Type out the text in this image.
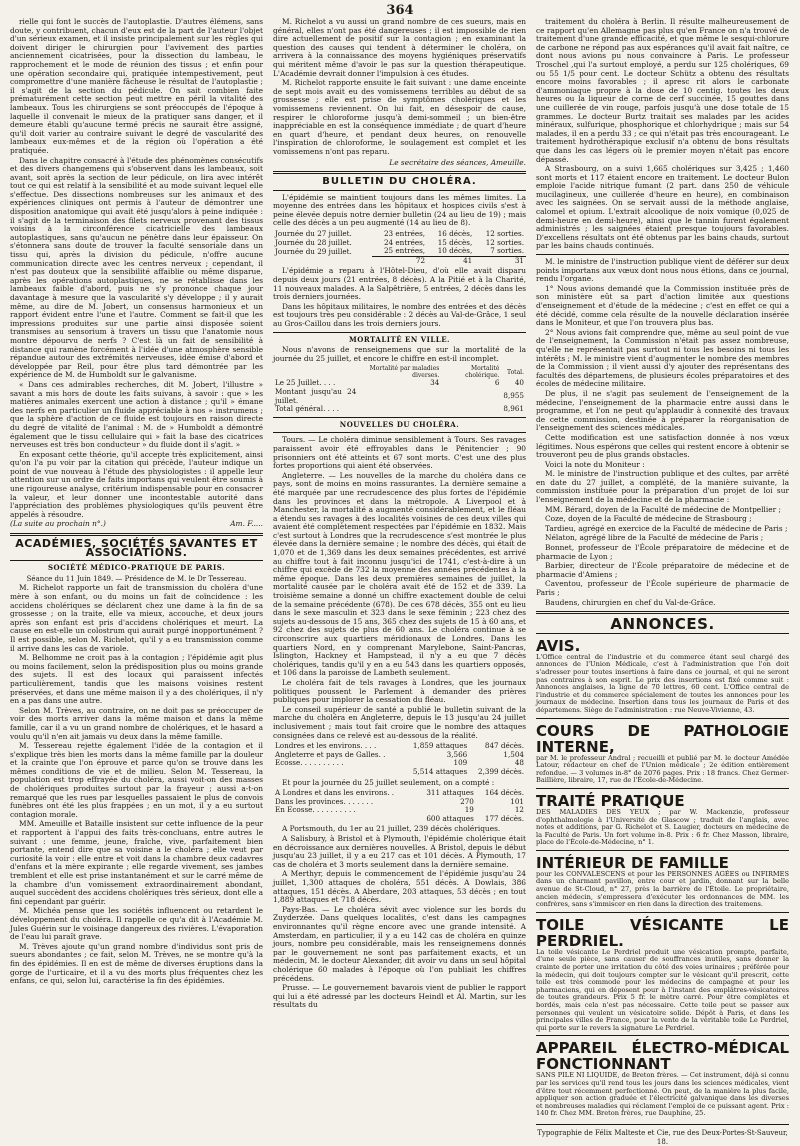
364

rielle qui font le succès de l'autoplastie. D'autres élémens, sans doute, y contribuent, chacun d'eux est de la part de l'auteur l'objet d'un sérieux examen, et il insiste principalement sur les règles qui doivent diriger le chirurgien pour l'avivement des parties anciennement cicatrisées, pour la dissection du lambeau, le rapprochement et le mode de réunion des tissus ; et enfin pour une opération secondaire qui, pratiquée intempestivement, peut compromettre d'une manière fâcheuse le résultat de l'autoplastie ; il s'agit de la section du pédicule. On sait combien faite prématurément cette section peut mettre en péril la vitalité des lambeaux. Tous les chirurgiens se sont préoccupés de l'époque à laquelle il convenait le mieux de la pratiquer sans danger, et il demeure établi qu'aucune termé précis ne saurait être assigné, qu'il doit varier au contraire suivant le degré de vascularité des lambeaux eux-mêmes et de la région où l'opération a été pratiquée.

Dans le chapitre consacré à l'étude des phénomènes consécutifs et des divers changemens qui s'observent dans les lambeaux, soit avant, soit après la section de leur pédicule, on lira avec intérêt tout ce qui est relatif à la sensibilité et au mode suivant lequel elle s'effectue. Des dissections nombreuses sur les animaux et des expériences cliniques ont permis à l'auteur de démontrer une disposition anatomique qui avait été jusqu'alors à peine indiquée : il s'agit de la terminaison des filets nerveux provenant des tissus voisins à la circonférence cicatricielle des lambeaux autoplastiques, sans qu'aucun ne pénètre dans leur épaisseur. On s'étonnera sans doute de trouver la faculté sensoriale dans un tissu qui, après la division du pédicule, n'offre aucune communication directe avec les centres nerveux ; cependant, il n'est pas douteux que la sensibilité affaiblie ou même disparue, après les opérations autoplastiques, ne se rétablisse dans les lambeaux faible d'abord, puis ne s'y prononce chaque jour davantage à mesure que la vascularité s'y développe ; il y aurait même, au dire de M. Jobert, un consensus harmonieux et un rapport évident entre l'une et l'autre. Comment se fait-il que les impressions produites sur une partie ainsi disposée soient transmises au sensorium à travers un tissu que l'anatomie nous montre dépourvu de nerfs ? C'est là un fait de sensibilité à distance qui ramène forcément à l'idée d'une atmosphère sensible répandue autour des extrémités nerveuses, idée émise d'abord et développée par Reil, pour être plus tard démontrée par les expérience de M. de Humboldt sur le galvanisme.

« Dans ces admirables recherches, dit M. Jobert, l'illustre » savant a mis hors de doute les faits suivans, à savoir : que » les matières animales exercent une action à distance ; qu'il » émane des nerfs en particulier un fluide appréciable à nos » instrumens ; que la sphère d'action de ce fluide est toujours en raison directe du degré de vitalité de l'animal : M. de » Humboldt a démontré également que le tissu cellulaire qui » fait la base des cicatrices nerveuses est très bon conducteur » du fluide dont il s'agit. »

En exposant cette théorie, qu'il accepte très explicitement, ainsi qu'on l'a pu voir par la citation qui précède, l'auteur indique un point de vue nouveau à l'étude des physiologistes : il appelle leur attention sur un ordre de faits importans qui veulent être soumis à une rigoureuse analyse, critérium indispensable pour en consacrer la valeur, et leur donner une incontestable autorité dans l'appréciation des problèmes physiologiques qu'ils peuvent être appelés à résoudre.

(La suite au prochain n°.)	Am. F.....
ACADÉMIES, SOCIÉTÉS SAVANTES ET ASSOCIATIONS.
SOCIÉTÉ MÉDICO-PRATIQUE DE PARIS.
Séance du 11 Juin 1849. — Présidence de M. le Dr Tessereau.

M. Richelot rapporte un fait de transmission du choléra d'une mère à son enfant, ou du moins un fait de coïncidence : les accidens cholériques se déclarent chez une dame à la fin de sa grossesse ; on la traite, elle va mieux, accouche, et deux jours après son enfant est pris d'accidens cholériques et meurt. La cause en est-elle un colostrum qui aurait purgé inopportunément ? Il est possible, selon M. Richelot, qu'il y a eu transmission comme il arrive dans les cas de variole.

M. Belhomme ne croit pas à la contagion ; l'épidémie agit plus ou moins facilement, selon la prédisposition plus ou moins grande des sujets. Il est des locaux qui paraissent infectés particulièrement, tandis que les maisons voisines restent préservées, et dans une même maison il y a des cholériques, il n'y en a pas dans une autre.

Selon M. Trèves, au contraire, on ne doit pas se préoccuper de voir des morts arriver dans la même maison et dans la même famille, car il a vu un grand nombre de cholériques, et le hasard a voulu qu'il n'en ait jamais vu deux dans la même famille.

M. Tessereau rejette également l'idée de la contagion et il s'explique très bien les morts dans la même famille par la douleur et la crainte que l'on éprouve et parce qu'on se trouve dans les mêmes conditions de vie et de milieu. Selon M. Tessereau, la population est trop effrayée du choléra, aussi voit-on des masses de cholériques produites surtout par la frayeur ; aussi a-t-on remarqué que les rues par lesquelles passaient le plus de convois funèbres ont été les plus frappées ; en un mot, il y a eu surtout contagion morale.

MM. Ameuille et Bataille insistent sur cette influence de la peur et rapportent à l'appui des faits très-concluans, entre autres le suivant : une femme, jeune, fraîche, vive, parfaitement bien portante, entend dire que sa voisine a le choléra ; elle veut par curiosité la voir : elle entre et voit dans la chambre deux cadavres d'enfans et la mère expirante ; elle regarde vivement, ses jambes tremblent et elle est prise instantanément et sur le carré même de la chambre d'un vomissement extraordinairement abondant, auquel succèdent des accidens cholériques très sérieux, dont elle a fini cependant par guérir.

M. Michéa pense que les sociétés influencent ou retardent le développement du choléra. Il rappelle ce qu'a dit à l'Académie M. Jules Guérin sur le voisinage dangereux des rivières. L'évaporation de l'eau lui paraît grave.

M. Trèves ajoute qu'un grand nombre d'individus sont pris de sueurs abondantes ; ce fait, selon M. Trèves, ne se montre qu'à la fin des épidémies. Il en est de même de diverses éruptions dans la gorge de l'urticaire, et il a vu des morts plus fréquentes chez les enfans, ce qui, selon lui, caractérise la fin des épidémies.

M. Richelot a vu aussi un grand nombre de ces sueurs, mais en général, elles n'ont pas été dangereuses ; il est impossible de rien dire actuellement de positif sur la contagion ; en examinant la question des causes qui tendent à déterminer le choléra, on arrivera à la connaissance des moyens hygiéniques préservatifs qui méritent même d'avoir le pas sur la question thérapeutique. L'Académie devrait donner l'impulsion à ces études.

M. Richelot rapporte ensuite le fait suivant : une dame enceinte de sept mois avait eu des vomissemens terribles au début de sa grossesse ; elle est prise de symptômes cholériques et les vomissemens reviennent. On lui fait, en désespoir de cause, respirer le chloroforme jusqu'à demi-sommeil ; un bien-être inappréciable en est la conséquence immédiate ; de quart d'heure en quart d'heure, et pendant deux heures, on renouvelle l'inspiration de chloroforme, le soulagement est complet et les vomissemens n'ont pas reparu.

Le secrétaire des séances, Ameuille.
BULLETIN DU CHOLÉRA.

L'épidémie se maintient toujours dans les mêmes limites. La moyenne des entrées dans les hôpitaux et hospices civils s'est à peine élevée depuis notre dernier bulletin (24 au lieu de 19) ; mais celle des décès a un peu augmenté (14 au lieu de 8).

Journée du 27 juillet.	23 entrées,	16 décès,	12 sorties.
Journée du 28 juillet.	24 entrées,	15 décès,	12 sorties.
Journée du 29 juillet.	25 entrées,	10 décès,	7 sorties.
	72	41	31

L'épidémie a reparu à l'Hôtel-Dieu, d'où elle avait disparu depuis deux jours (21 entrées, 8 décès). A la Pitié et à la Charité, 11 nouveaux malades. A la Salpêtrière, 5 entrées, 2 décès dans les trois derniers journées.

Dans les hôpitaux militaires, le nombre des entrées et des décès est toujours très peu considérable : 2 décès au Val-de-Grâce, 1 seul au Gros-Caillou dans les trois derniers jours.

MORTALITÉ EN VILLE.

Nous n'avons de renseignemens que sur la mortalité de la journée du 25 juillet, et encore le chiffre en est-il incomplet.

	Mortalité par maladies diverses.	Mortalité cholérique.	Total.
Le 25 Juillet. . . .	34	6	40
Montant jusqu'au 24 juillet.			8,955
Total général. . . .			8,961
NOUVELLES DU CHOLÉRA.

Tours. — Le choléra diminue sensiblement à Tours. Ses ravages paraissent avoir été effroyables dans le Pénitencier ; 90 prisonniers ont été atteints et 67 sont morts. C'est une des plus fortes proportions qui aient été observées.

Angleterre. — Les nouvelles de la marche du choléra dans ce pays, sont de moins en moins rassurantes. La dernière semaine a été marquée par une recrudescence des plus fortes de l'épidémie dans les provinces et dans la métropole. A Liverpool et à Manchester, la mortalité a augmenté considérablement, et le fléau a étendu ses ravages à des localités voisines de ces deux villes qui avaient été complètement respectées par l'épidémie en 1832. Mais c'est surtout à Londres que la recrudescence s'est montrée le plus élevée dans la dernière semaine ; le nombre des décès, qui était de 1,070 et de 1,369 dans les deux semaines précédentes, est arrivé au chiffre tout à fait inconnu jusqu'ici de 1741, c'est-à-dire à un chiffre qui excède de 732 la moyenne des années précédentes à la même époque. Dans les deux premières semaines de juillet, la mortalité causée par le choléra avait été de 152 et de 339. La troisième semaine a donné un chiffre exactement double de celui de la semaine précédente (678). De ces 678 décès, 355 ont eu lieu dans le sexe masculin et 323 dans le sexe féminin ; 223 chez des sujets au-dessous de 15 ans, 365 chez des sujets de 15 à 60 ans, et 92 chez des sujets de plus de 60 ans. Le choléra continue à se circonscrire aux quartiers méridionaux de Londres. Dans les quartiers Nord, en y comprenant Marylebone, Saint-Pancras, Islington, Hackney et Hampstead, il n'y a eu que 7 décès cholériques, tandis qu'il y en a eu 543 dans les quartiers opposés, et 106 dans la paroisse de Lambeth seulement.

Le choléra fait de tels ravages à Londres, que les journaux politiques poussent le Parlement à demander des prières publiques pour implorer la cessation du fléau.

Le conseil supérieur de santé a publié le bulletin suivant de la marche du choléra en Angleterre, depuis le 13 jusqu'au 24 juillet inclusivement ; mais tout fait croire que le nombre des attaques consignées dans ce relevé est au-dessous de la réalité.

Londres et les environs. . . .	1,859 attaques	847 décès.
Angleterre et pays de Galles. .	3,566	1,504
Ecosse. . . . . . . . . .	109	48
	5,514 attaques	2,399 décès.

Et pour la journée du 25 juillet seulement, on a compté :

A Londres et dans les environs. .	311 attaques	164 décès.
Dans les provinces. . . . . . .	270	101
En Ecosse. . . . . . . . . .	19	12
	600 attaques	177 décès.

A Portsmouth, du 1er au 21 juillet, 239 décès cholériques.

A Salisbury, à Bristol et à Plymouth, l'épidémie cholérique était en décroissance aux dernières nouvelles. A Bristol, depuis le début jusqu'au 23 juillet, il y a eu 217 cas et 101 décès. A Plymouth, 17 cas de choléra et 3 morts seulement dans la dernière semaine.

A Merthyr, depuis le commencement de l'épidémie jusqu'au 24 juillet, 1,300 attaques de choléra, 551 décès. A Dowlais, 386 attaques, 151 décès. A Aberdare, 203 attaques, 53 décès ; en tout 1,889 attaques et 718 décès.

Pays-Bas. — Le choléra sévit avec violence sur les bords du Zuyderzée. Dans quelques localités, c'est dans les campagnes environnantes qu'il règne encore avec une grande intensité. A Amsterdam, en particulier, il y a eu 142 cas de choléra en quinze jours, nombre peu considérable, mais les renseignemens donnés par le gouvernement ne sont pas parfaitement exacts, et un médecin, M. le docteur Alexander, dit avoir vu dans un seul hôpital cholérique 60 malades à l'époque où l'on publiait les chiffres précédens.

Prusse. — Le gouvernement bavarois vient de publier le rapport qui lui a été adressé par les docteurs Heindl et Al. Martin, sur les résultats du

traitement du choléra à Berlin. Il résulte malheureusement de ce rapport qu'en Allemagne pas plus qu'en France on n'a trouvé de traitement d'une grande efficacité, et que même le sesqui-chlorure de carbone ne répond pas aux espérances qu'il avait fait naître, ce dont nous avions pu nous convaincre à Paris. Le professeur Troschel ,qui l'a surtout employé, a perdu sur 125 cholériques, 69 ou 55 1/5 pour cent. Le docteur Schütz a obtenu des résultats encore moins favorables ; il apresc rit alors le carbonate d'ammoniaque propre à la dose de 10 centig. toutes les deux heures ou la liqueur de corne de cerf succinée, 15 gouttes dans une cuillerée de vin rouge, parfois jusqu'à une dose totale de 15 grammes. Le docteur Burtz traitait ses malades par les acides minéraux, sulfurique, phosphorique et chlorhydrique ; mais sur 54 malades, il en a perdu 33 ; ce qui n'était pas très encourageant. Le traitement hydrothérapique exclusif n'a obtenu de bons résultats que dans les cas légers où le premier moyen n'était pas encore dépassé.

A Strasbourg, on a suivi 1,665 cholériques sur 3,425 ; 1,460 sont morts et 117 étaient encore en traitement. Le docteur Bulon emploie l'acide nitrique fumant (2 part. dans 250 de véhicule mucilagineux, une cuillerée d'heure en heure), en combinaison avec les saignées. On se servait aussi de la méthode anglaise, calomel et opium. L'extrait alcoolique de noix vomique (0,025 de demi-heure en demi-heure), ainsi que le tannin furent également administrés ; les saignées étaient presque toujours favorables. D'excellens résultats ont été obtenus par les bains chauds, surtout par les bains chauds continués.

M. le ministre de l'instruction publique vient de déférer sur deux points importans aux vœux dont nous nous étions, dans ce journal, rendu l'organe.

1° Nous avions demandé que la Commission instituée près de son ministère eût sa part d'action limitée aux questions d'enseignement et d'étude de la médecine ; c'est en effet ce qui a été décidé, comme cela résulte de la nouvelle déclaration insérée dans le Moniteur, et que l'on trouvera plus bas.

2° Nous avions fait comprendre que, même au seul point de vue de l'enseignement, la Commission n'était pas assez nombreuse, qu'elle ne représentait pas surtout ni tous les besoins ni tous les intérêts ; M. le ministre vient d'augmenter le nombre des membres de la Commission ; il vient aussi d'y ajouter des représentans des facultés des départemens, de plusieurs écoles préparatoires et des écoles de médecine militaire.

De plus, il ne s'agit pas seulement de l'enseignement de la médecine, l'enseignement de la pharmacie entre aussi dans le programme, et l'on ne peut qu'applaudir à connexité des travaux de cette commission, destinée à préparer la réorganisation de l'enseignement des sciences médicales.

Cette modification est une satisfaction donnée à nos vœux légitimes. Nous espérons que celles qui restent encore à obtenir se trouveront peu de plus grands obstacles.

Voici la note du Moniteur :

M. le ministre de l'instruction publique et des cultes, par arrêté en date du 27 juillet, a complété, de la manière suivante, la commission instituée pour la préparation d'un projet de loi sur l'enseignement de la médecine et de la pharmacie :

MM. Bérard, doyen de la Faculté de médecine de Montpellier ;

Coze, doyen de la Faculté de médecine de Strasbourg ;

Tardieu, agrégé en exercice de la Faculté de médecine de Paris ;

Nélaton, agrégé libre de la Faculté de médecine de Paris ;

Bonnet, professeur de l'École préparatoire de médecine et de pharmacie de Lyon ;

Barbier, directeur de l'École préparatoire de médecine et de pharmacie d'Amiens ;

Caventou, professeur de l'École supérieure de pharmacie de Paris ;

Baudens, chirurgien en chef du Val-de-Grâce.

ANNONCES.
AVIS.
L'Office central de l'industrie et du commerce étant seul chargé des annonces de l'Union Médicale, c'est à l'administration que l'on doit s'adresser pour toutes insertions à faire dans ce journal, et qui ne seront pas contraires à son esprit. Le prix des insertions est fixé comme suit : Annonces anglaises, la ligne de 70 lettres, 60 cent. L'Office central de l'industrie et du commerce spécialement de toutes les annonces pour les journaux de médecine. Insertion dans tous les journaux de Paris et des départemens. Siège de l'administration : rue Neuve-Vivienne, 43.
COURS DE PATHOLOGIE INTERNE,
par M. le professeur Andral ; recueilli et publié par M. le docteur Amédée Latour, rédacteur en chef de l'Union médicale ; 2e édition entièrement refondue. — 3 volumes in-8° de 2076 pages. Prix : 18 francs. Chez Germer-Baillière, libraire, 17, rue de l'École-de-Médecine.
TRAITÉ PRATIQUE
DES MALADIES DES YEUX ; par W. Mackenzie, professeur d'ophthalmologie à l'Université de Glascow ; traduit de l'anglais, avec notes et additions, par G. Richelot et S. Laugier, docteurs en médecine de la Faculté de Paris. Un fort volume in-8. Prix : 6 fr. Chez Masson, libraire, place de l'École-de-Médecine, n° 1.
INTÉRIEUR DE FAMILLE
pour les CONVALESCENS et pour les PERSONNES AGÉES ou INFIRMES dans un charmant pavillon, entre cour et jardin, donnant sur la belle avenue de St-Cloud, n° 27, près la barrière de l'Étoile. Le propriétaire, ancien médecin, s'empressera d'exécuter les ordonnances de MM. les confrères, sans s'immiscer en rien dans la direction des traitemens.
TOILE VÉSICANTE LE PERDRIEL.
La toile vésicante Le Perdriel produit une vésication prompte, parfaite, d'une seule pièce, sans causer de souffrances inutiles, sans donner la crainte de porter une irritation du côté des voies urinaires ; préférée pour la médecin, qui doit toujours compter sur le vésicant qu'il prescrit, cette toile est très commode pour les médecins de campagne et pour les pharmaciens, qui en déposent pour à l'instant des emplâtres-vésicatoires de toutes grandeurs. Prix 5 fr. le mètre carré. Pour être complètes et bordés, mais cela n'est pas nécessaire. Cette toile peut se passer aux personnes qui veulent un vésicatoire solide. Dépôt à Paris, et dans les principales villes de France, pour la vente de la véritable toile Le Perdriel, qui porte sur le revers la signature Le Perdriel.
APPAREIL ÉLECTRO-MÉDICAL FONCTIONNANT
SANS PILE NI LIQUIDE, de Breton frères. — Cet instrument, déjà si connu par les services qu'il rend tous les jours dans les sciences médicales, vient d'être tout récemment perfectionné. On peut, de la manière la plus facile, appliquer son action graduée et l'électricité galvanique dans les diverses et nombreuses maladies qui réclament l'emploi de ce puissant agent. Prix : 140 fr. Chez MM. Breton frères, rue Dauphine, 25.
Typographie de Félix Malteste et Cie, rue des Deux-Portes-St-Sauveur, 18.
